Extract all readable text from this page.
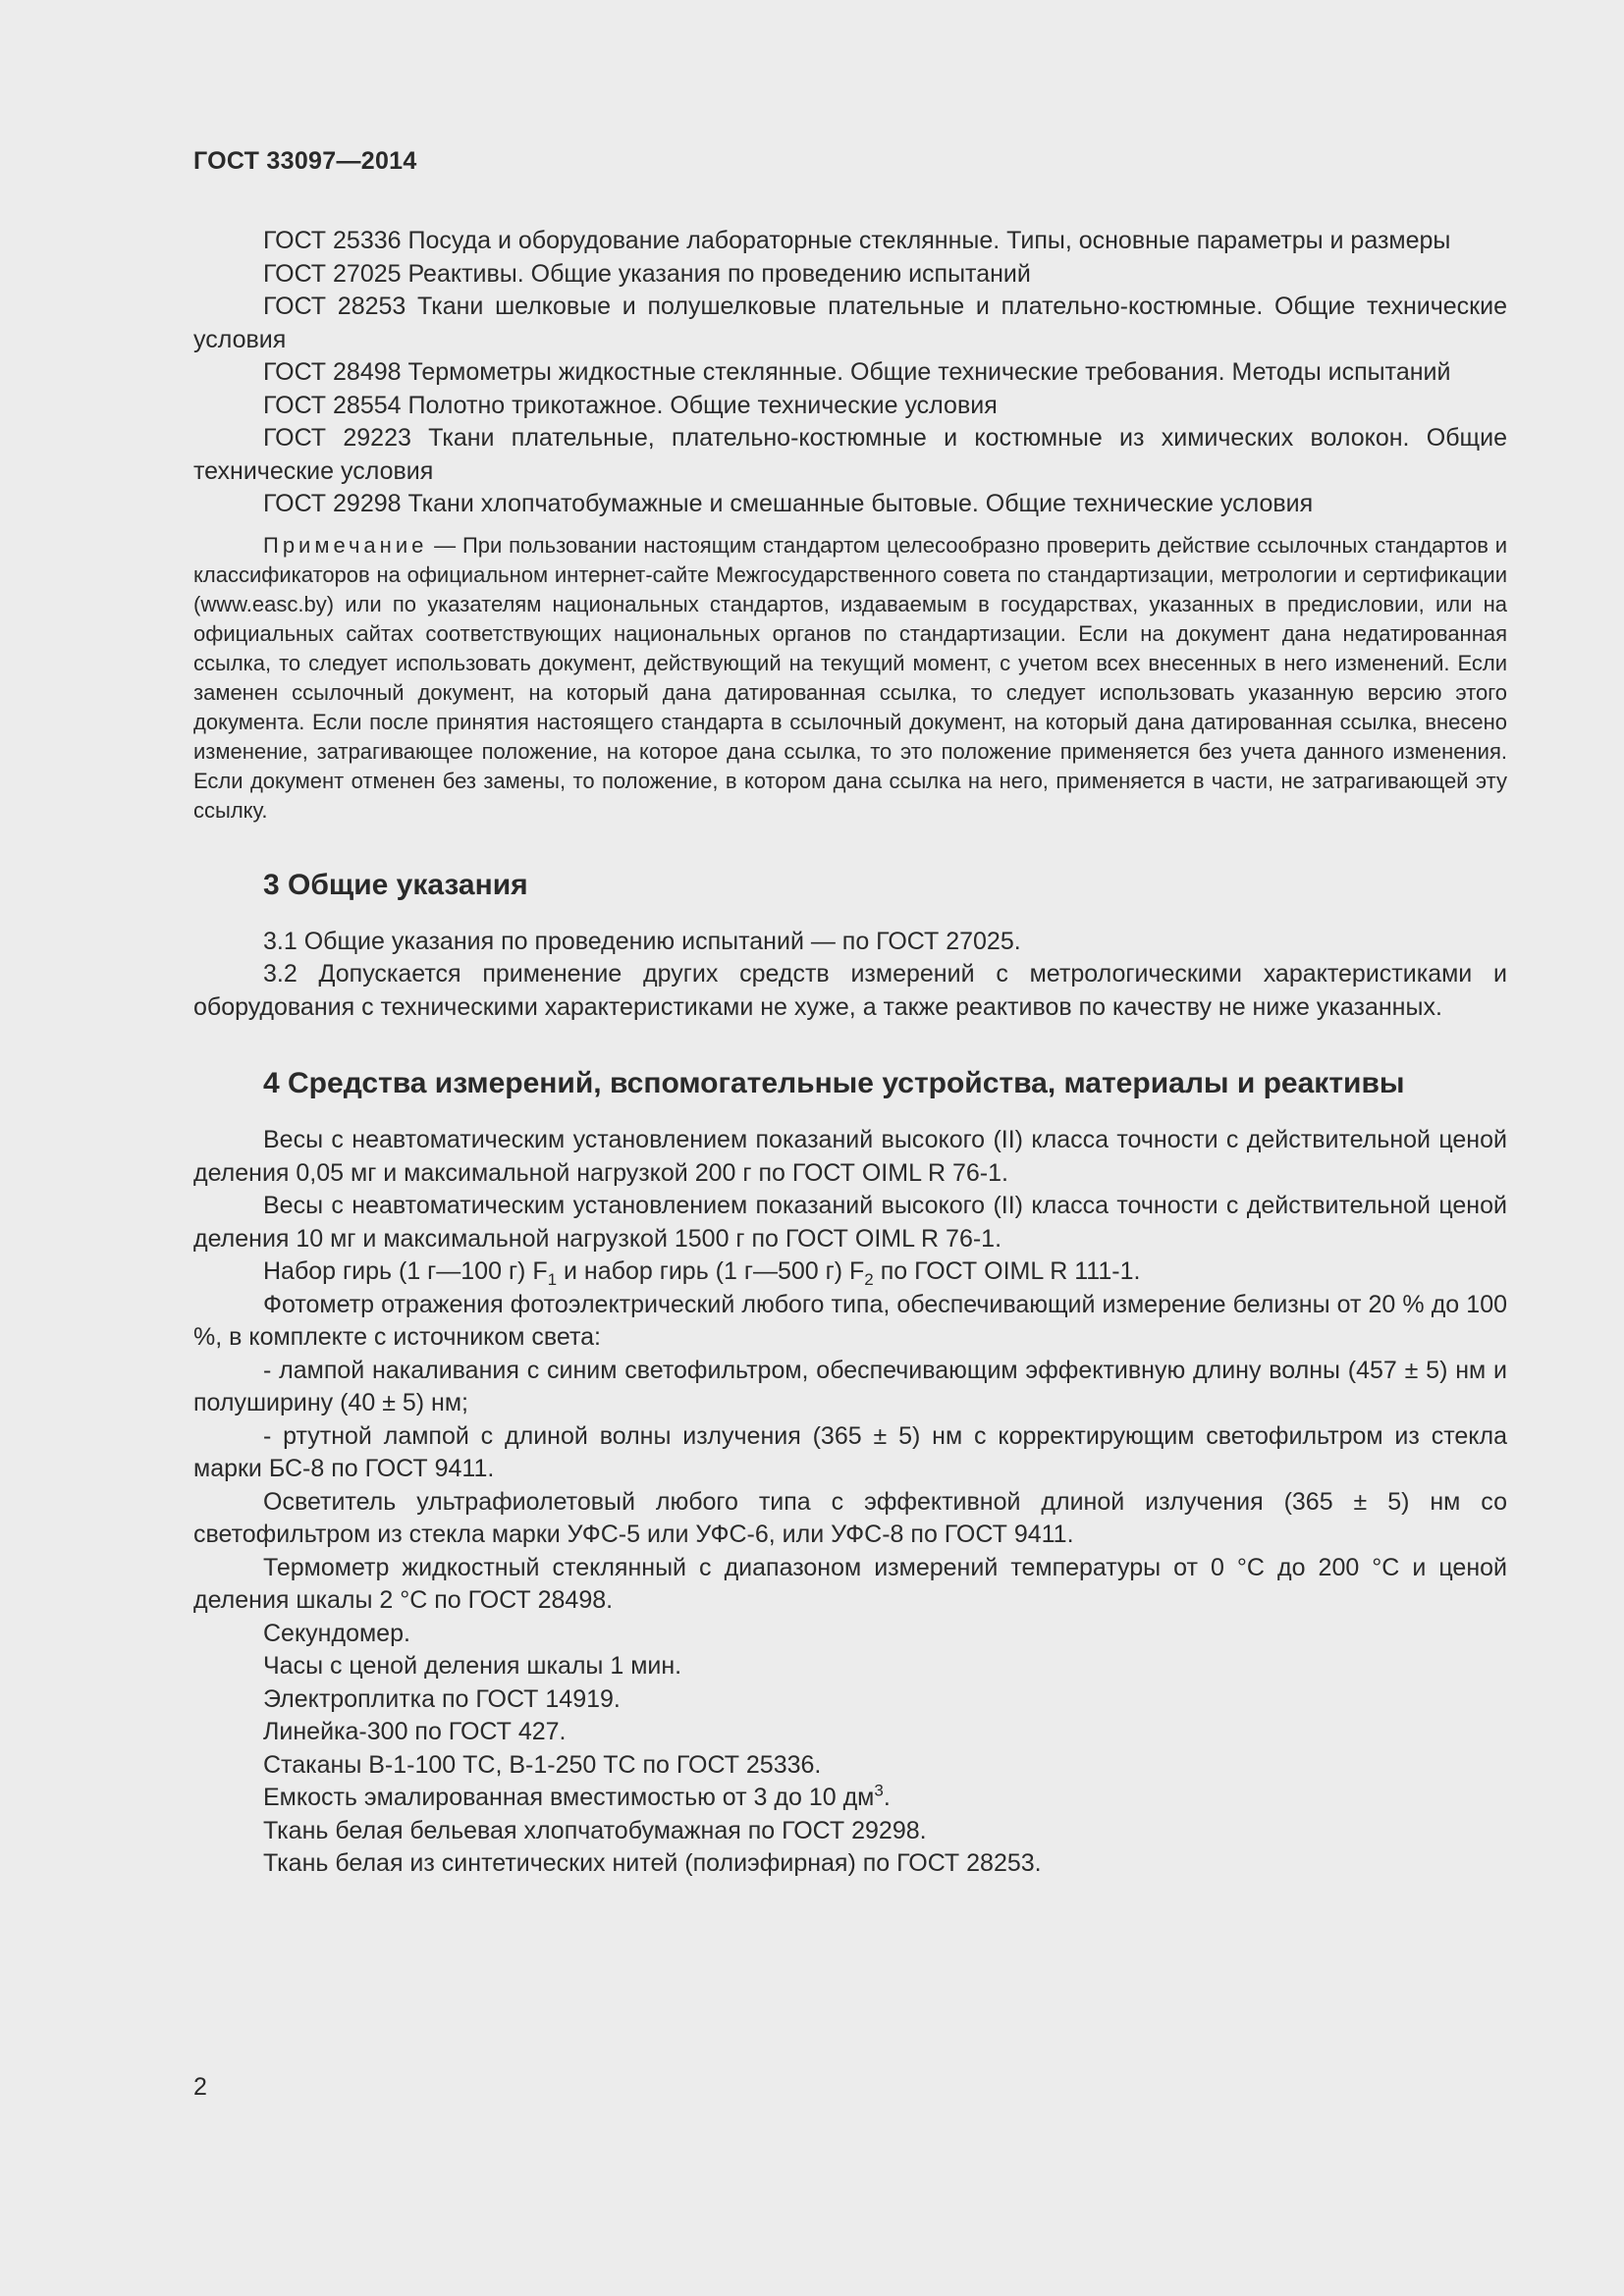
ГОСТ 33097—2014

ГОСТ 25336 Посуда и оборудование лабораторные стеклянные. Типы, основные параметры и размеры

ГОСТ 27025 Реактивы. Общие указания по проведению испытаний

ГОСТ 28253 Ткани шелковые и полушелковые плательные и плательно-костюмные. Общие технические условия

ГОСТ 28498 Термометры жидкостные стеклянные. Общие технические требования. Методы испытаний

ГОСТ 28554 Полотно трикотажное. Общие технические условия

ГОСТ 29223 Ткани плательные, плательно-костюмные и костюмные из химических волокон. Общие технические условия

ГОСТ 29298 Ткани хлопчатобумажные и смешанные бытовые. Общие технические условия

Примечание — При пользовании настоящим стандартом целесообразно проверить действие ссылочных стандартов и классификаторов на официальном интернет-сайте Межгосударственного совета по стандартизации, метрологии и сертификации (www.easc.by) или по указателям национальных стандартов, издаваемым в государствах, указанных в предисловии, или на официальных сайтах соответствующих национальных органов по стандартизации. Если на документ дана недатированная ссылка, то следует использовать документ, действующий на текущий момент, с учетом всех внесенных в него изменений. Если заменен ссылочный документ, на который дана датированная ссылка, то следует использовать указанную версию этого документа. Если после принятия настоящего стандарта в ссылочный документ, на который дана датированная ссылка, внесено изменение, затрагивающее положение, на которое дана ссылка, то это положение применяется без учета данного изменения. Если документ отменен без замены, то положение, в котором дана ссылка на него, применяется в части, не затрагивающей эту ссылку.

3 Общие указания

3.1 Общие указания по проведению испытаний — по ГОСТ 27025.

3.2 Допускается применение других средств измерений с метрологическими характеристиками и оборудования с техническими характеристиками не хуже, а также реактивов по качеству не ниже указанных.

4 Средства измерений, вспомогательные устройства, материалы и реактивы

Весы с неавтоматическим установлением показаний высокого (II) класса точности с действительной ценой деления 0,05 мг и максимальной нагрузкой 200 г по ГОСТ OIML R 76-1.

Весы с неавтоматическим установлением показаний высокого (II) класса точности с действительной ценой деления 10 мг и максимальной нагрузкой 1500 г по ГОСТ OIML R 76-1.

Набор гирь (1 г—100 г) $F_1$ и набор гирь (1 г—500 г) $F_2$ по ГОСТ OIML R 111-1.

Фотометр отражения фотоэлектрический любого типа, обеспечивающий измерение белизны от 20 % до 100 %, в комплекте с источником света:

- лампой накаливания с синим светофильтром, обеспечивающим эффективную длину волны (457 ± 5) нм и полуширину (40 ± 5) нм;

- ртутной лампой с длиной волны излучения (365 ± 5) нм с корректирующим светофильтром из стекла марки БС-8 по ГОСТ 9411.

Осветитель ультрафиолетовый любого типа с эффективной длиной излучения (365 ± 5) нм со светофильтром из стекла марки УФС-5 или УФС-6, или УФС-8 по ГОСТ 9411.

Термометр жидкостный стеклянный с диапазоном измерений температуры от 0 °С до 200 °С и ценой деления шкалы 2 °С по ГОСТ 28498.

Секундомер.

Часы с ценой деления шкалы 1 мин.

Электроплитка по ГОСТ 14919.

Линейка-300 по ГОСТ 427.

Стаканы В-1-100 ТС, В-1-250 ТС по ГОСТ 25336.

Емкость эмалированная вместимостью от 3 до 10 $дм^3$.

Ткань белая бельевая хлопчатобумажная по ГОСТ 29298.

Ткань белая из синтетических нитей (полиэфирная) по ГОСТ 28253.

2
